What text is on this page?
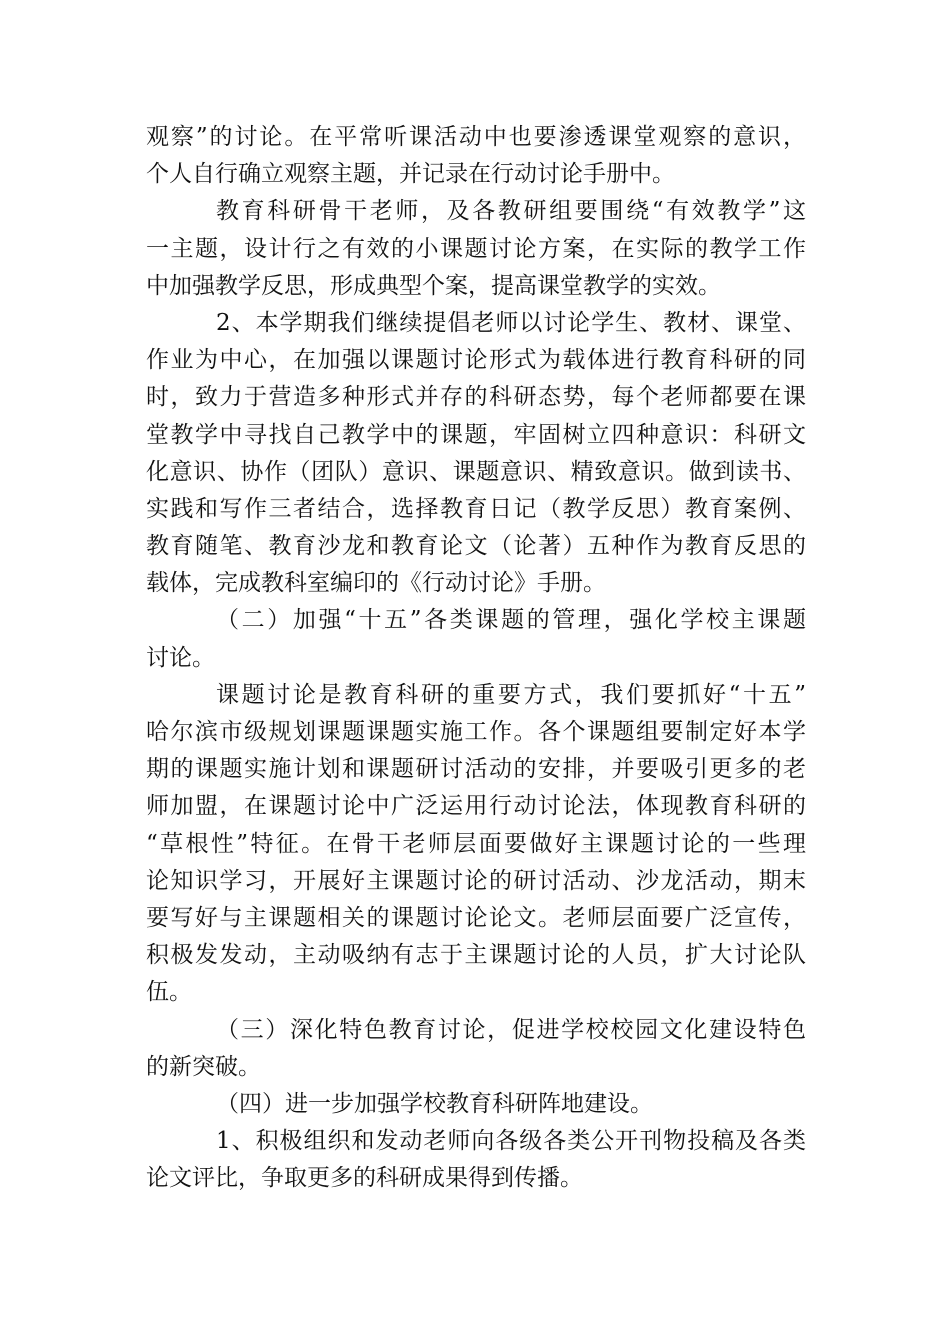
观察”的讨论。在平常听课活动中也要渗透课堂观察的意识，
个人自行确立观察主题，并记录在行动讨论手册中。
教育科研骨干老师，及各教研组要围绕“有效教学”这
一主题，设计行之有效的小课题讨论方案，在实际的教学工作
中加强教学反思，形成典型个案，提高课堂教学的实效。
2、本学期我们继续提倡老师以讨论学生、教材、课堂、
作业为中心，在加强以课题讨论形式为载体进行教育科研的同
时，致力于营造多种形式并存的科研态势，每个老师都要在课
堂教学中寻找自己教学中的课题，牢固树立四种意识：科研文
化意识、协作（团队）意识、课题意识、精致意识。做到读书、
实践和写作三者结合，选择教育日记（教学反思）教育案例、
教育随笔、教育沙龙和教育论文（论著）五种作为教育反思的
载体，完成教科室编印的《行动讨论》手册。
（二）加强“十五”各类课题的管理，强化学校主课题
讨论。
课题讨论是教育科研的重要方式，我们要抓好“十五”
哈尔滨市级规划课题课题实施工作。各个课题组要制定好本学
期的课题实施计划和课题研讨活动的安排，并要吸引更多的老
师加盟，在课题讨论中广泛运用行动讨论法，体现教育科研的
“草根性”特征。在骨干老师层面要做好主课题讨论的一些理
论知识学习，开展好主课题讨论的研讨活动、沙龙活动，期末
要写好与主课题相关的课题讨论论文。老师层面要广泛宣传，
积极发发动，主动吸纳有志于主课题讨论的人员，扩大讨论队
伍。
（三）深化特色教育讨论，促进学校校园文化建设特色
的新突破。
（四）进一步加强学校教育科研阵地建设。
1、积极组织和发动老师向各级各类公开刊物投稿及各类
论文评比，争取更多的科研成果得到传播。
